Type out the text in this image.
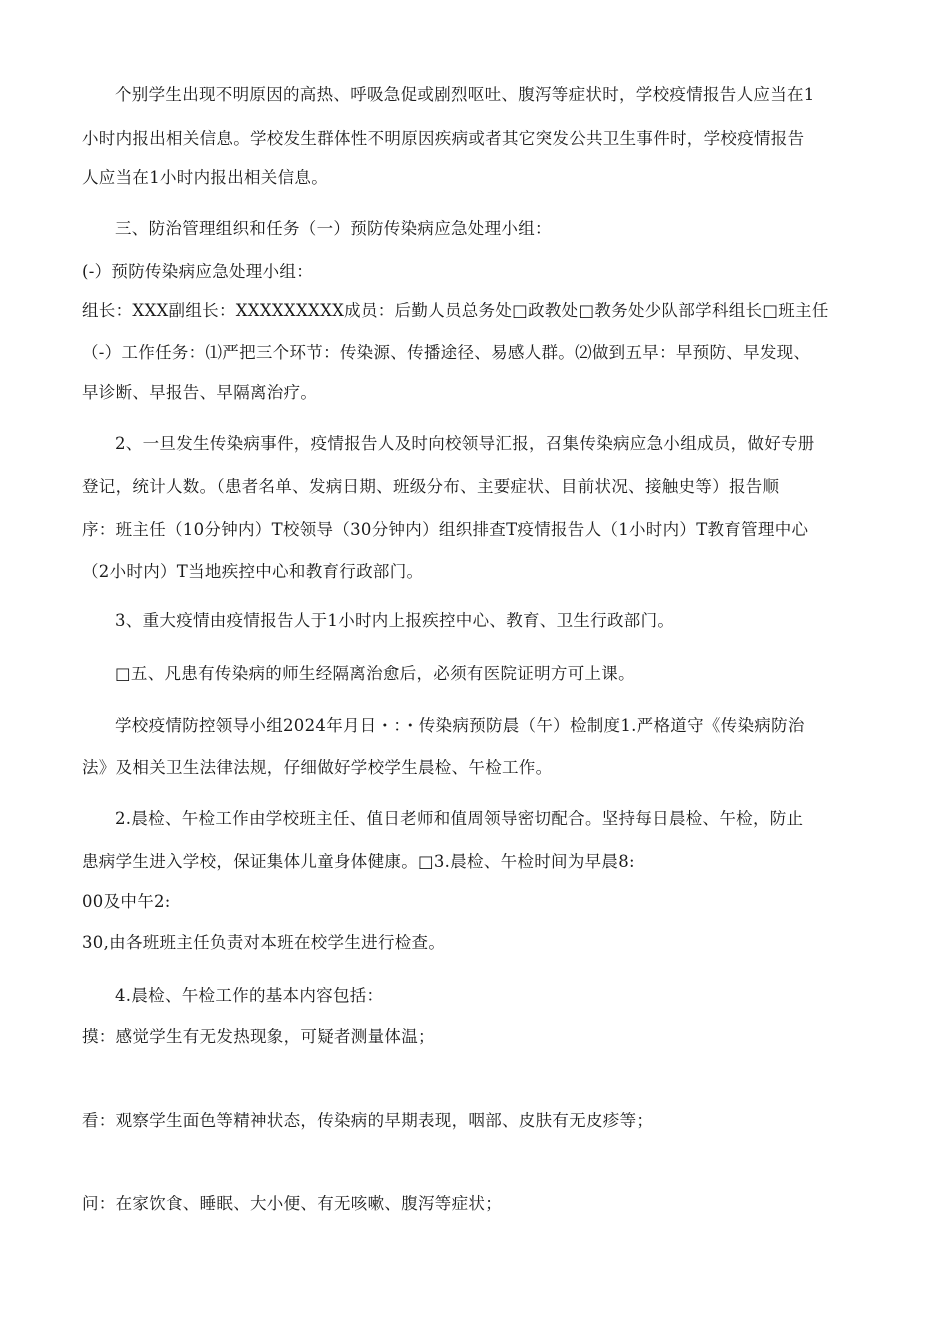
个别学生出现不明原因的高热、呼吸急促或剧烈呕吐、腹泻等症状时，学校疫情报告人应当在1
小时内报出相关信息。学校发生群体性不明原因疾病或者其它突发公共卫生事件时，学校疫情报告
人应当在1小时内报出相关信息。
三、防治管理组织和任务（一）预防传染病应急处理小组：
(-）预防传染病应急处理小组：
组长：XXX副组长：XXXXXXXXX成员：后勤人员总务处□政教处□教务处少队部学科组长□班主任
（-）工作任务：⑴严把三个环节：传染源、传播途径、易感人群。⑵做到五早：早预防、早发现、
早诊断、早报告、早隔离治疗。
2、一旦发生传染病事件，疫情报告人及时向校领导汇报，召集传染病应急小组成员，做好专册
登记，统计人数。（患者名单、发病日期、班级分布、主要症状、目前状况、接触史等）报告顺
序：班主任（10分钟内）T校领导（30分钟内）组织排查T疫情报告人（1小时内）T教育管理中心
（2小时内）T当地疾控中心和教育行政部门。
3、重大疫情由疫情报告人于1小时内上报疾控中心、教育、卫生行政部门。
□五、凡患有传染病的师生经隔离治愈后，必须有医院证明方可上课。
学校疫情防控领导小组2024年月日・：・传染病预防晨（午）检制度1.严格道守《传染病防治
法》及相关卫生法律法规，仔细做好学校学生晨检、午检工作。
2.晨检、午检工作由学校班主任、值日老师和值周领导密切配合。坚持每日晨检、午检，防止
患病学生进入学校，保证集体儿童身体健康。□3.晨检、午检时间为早晨8:
00及中午2:
30,由各班班主任负责对本班在校学生进行检查。
4.晨检、午检工作的基本内容包括：
摸：感觉学生有无发热现象，可疑者测量体温；
看：观察学生面色等精神状态，传染病的早期表现，咽部、皮肤有无皮疹等；
问：在家饮食、睡眠、大小便、有无咳嗽、腹泻等症状；
